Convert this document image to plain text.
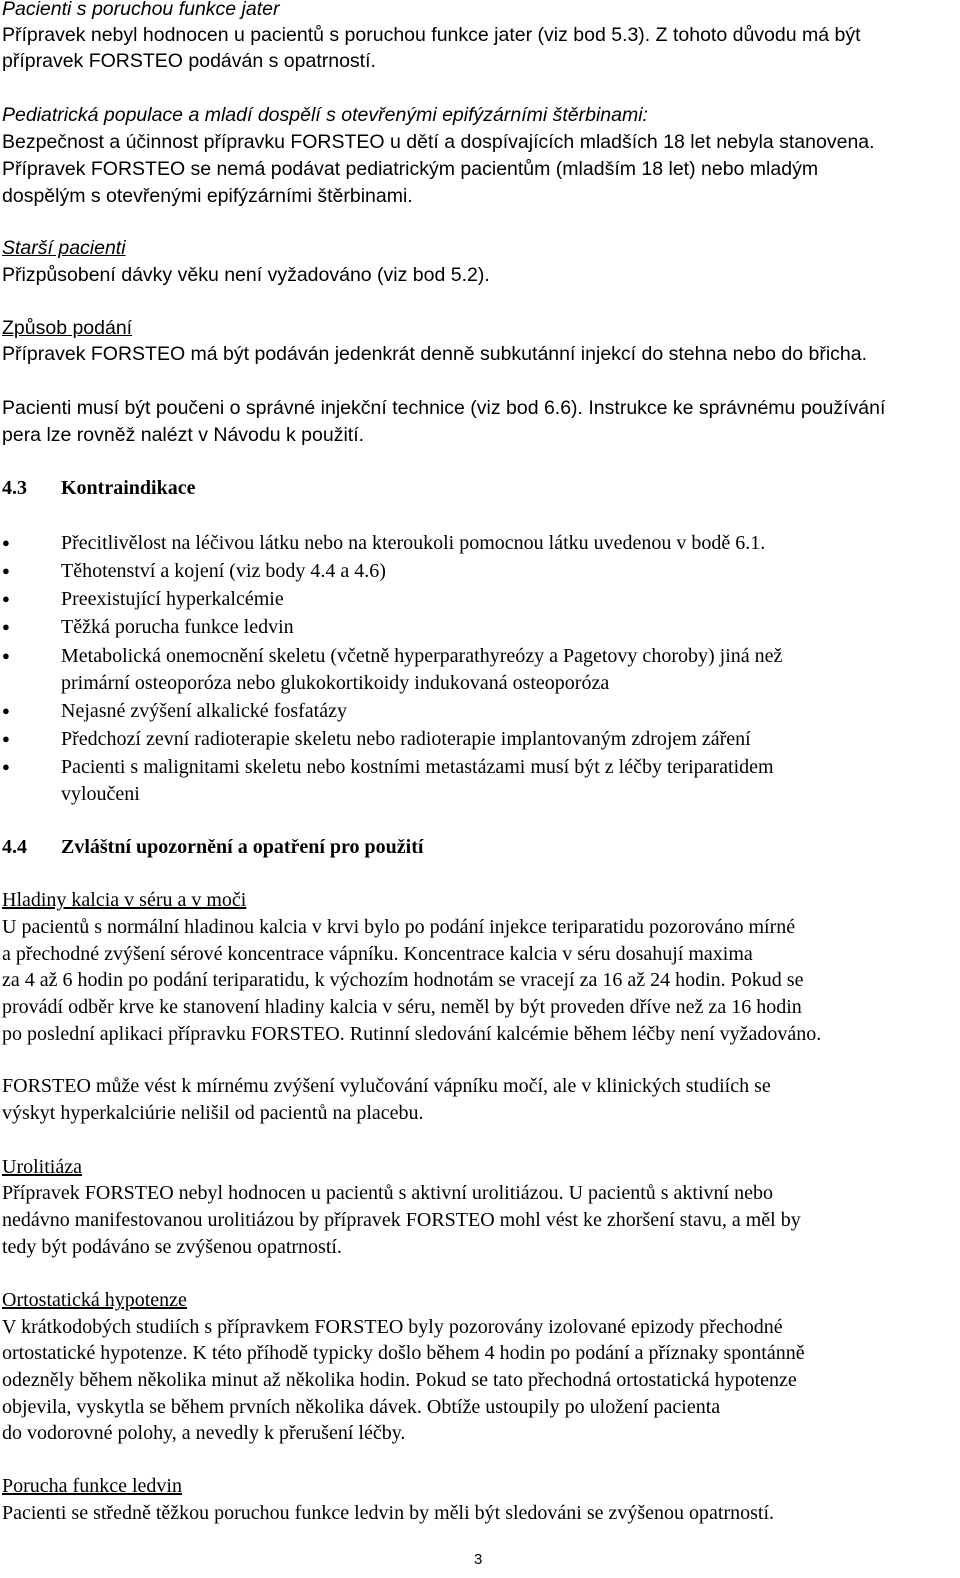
Pacienti s poruchou funkce jater
Přípravek nebyl hodnocen u pacientů s poruchou funkce jater (viz bod 5.3). Z tohoto důvodu má být
přípravek FORSTEO podáván s opatrností.
Pediatrická populace a mladí dospělí s otevřenými epifýzárními štěrbinami:
Bezpečnost a účinnost přípravku FORSTEO u dětí a dospívajících mladších 18 let nebyla stanovena.
Přípravek FORSTEO se nemá podávat pediatrickým pacientům (mladším 18 let) nebo mladým
dospělým s otevřenými epifýzárními štěrbinami.
Starší pacienti
Přizpůsobení dávky věku není vyžadováno (viz bod 5.2).
Způsob podání
Přípravek FORSTEO má být podáván jedenkrát denně subkutánní injekcí do stehna nebo do břicha.
Pacienti musí být poučeni o správné injekční technice (viz bod 6.6). Instrukce ke správnému používání
pera lze rovněž nalézt v Návodu k použití.
4.3 Kontraindikace
●	Přecitlivělost na léčivou látku nebo na kteroukoli pomocnou látku uvedenou v bodě 6.1.
●	Těhotenství a kojení (viz body 4.4 a 4.6)
●	Preexistující hyperkalcémie
●	Těžká porucha funkce ledvin
●	Metabolická onemocnění skeletu (včetně hyperparathyreózy a Pagetovy choroby) jiná než
primární osteoporóza nebo glukokortikoidy indukovaná osteoporóza
●	Nejasné zvýšení alkalické fosfatázy
●	Předchozí zevní radioterapie skeletu nebo radioterapie implantovaným zdrojem záření
●	Pacienti s malignitami skeletu nebo kostními metastázami musí být z léčby teriparatidem
vyloučeni
4.4 Zvláštní upozornění a opatření pro použití
Hladiny kalcia v séru a v moči
U pacientů s normální hladinou kalcia v krvi bylo po podání injekce teriparatidu pozorováno mírné
a přechodné zvýšení sérové koncentrace vápníku. Koncentrace kalcia v séru dosahují maxima
za 4 až 6 hodin po podání teriparatidu, k výchozím hodnotám se vracejí za 16 až 24 hodin. Pokud se
provádí odběr krve ke stanovení hladiny kalcia v séru, neměl by být proveden dříve než za 16 hodin
po poslední aplikaci přípravku FORSTEO. Rutinní sledování kalcémie během léčby není vyžadováno.
FORSTEO může vést k mírnému zvýšení vylučování vápníku močí, ale v klinických studiích se
výskyt hyperkalciúrie nelišil od pacientů na placebu.
Urolitiáza
Přípravek FORSTEO nebyl hodnocen u pacientů s aktivní urolitiázou. U pacientů s aktivní nebo
nedávno manifestovanou urolitiázou by přípravek FORSTEO mohl vést ke zhoršení stavu, a měl by
tedy být podáváno se zvýšenou opatrností.
Ortostatická hypotenze
V krátkodobých studiích s přípravkem FORSTEO byly pozorovány izolované epizody přechodné
ortostatické hypotenze. K této příhodě typicky došlo během 4 hodin po podání a příznaky spontánně
odezněly během několika minut až několika hodin. Pokud se tato přechodná ortostatická hypotenze
objevila, vyskytla se během prvních několika dávek. Obtíže ustoupily po uložení pacienta
do vodorovné polohy, a nevedly k přerušení léčby.
Porucha funkce ledvin
Pacienti se středně těžkou poruchou funkce ledvin by měli být sledováni se zvýšenou opatrností.
3
